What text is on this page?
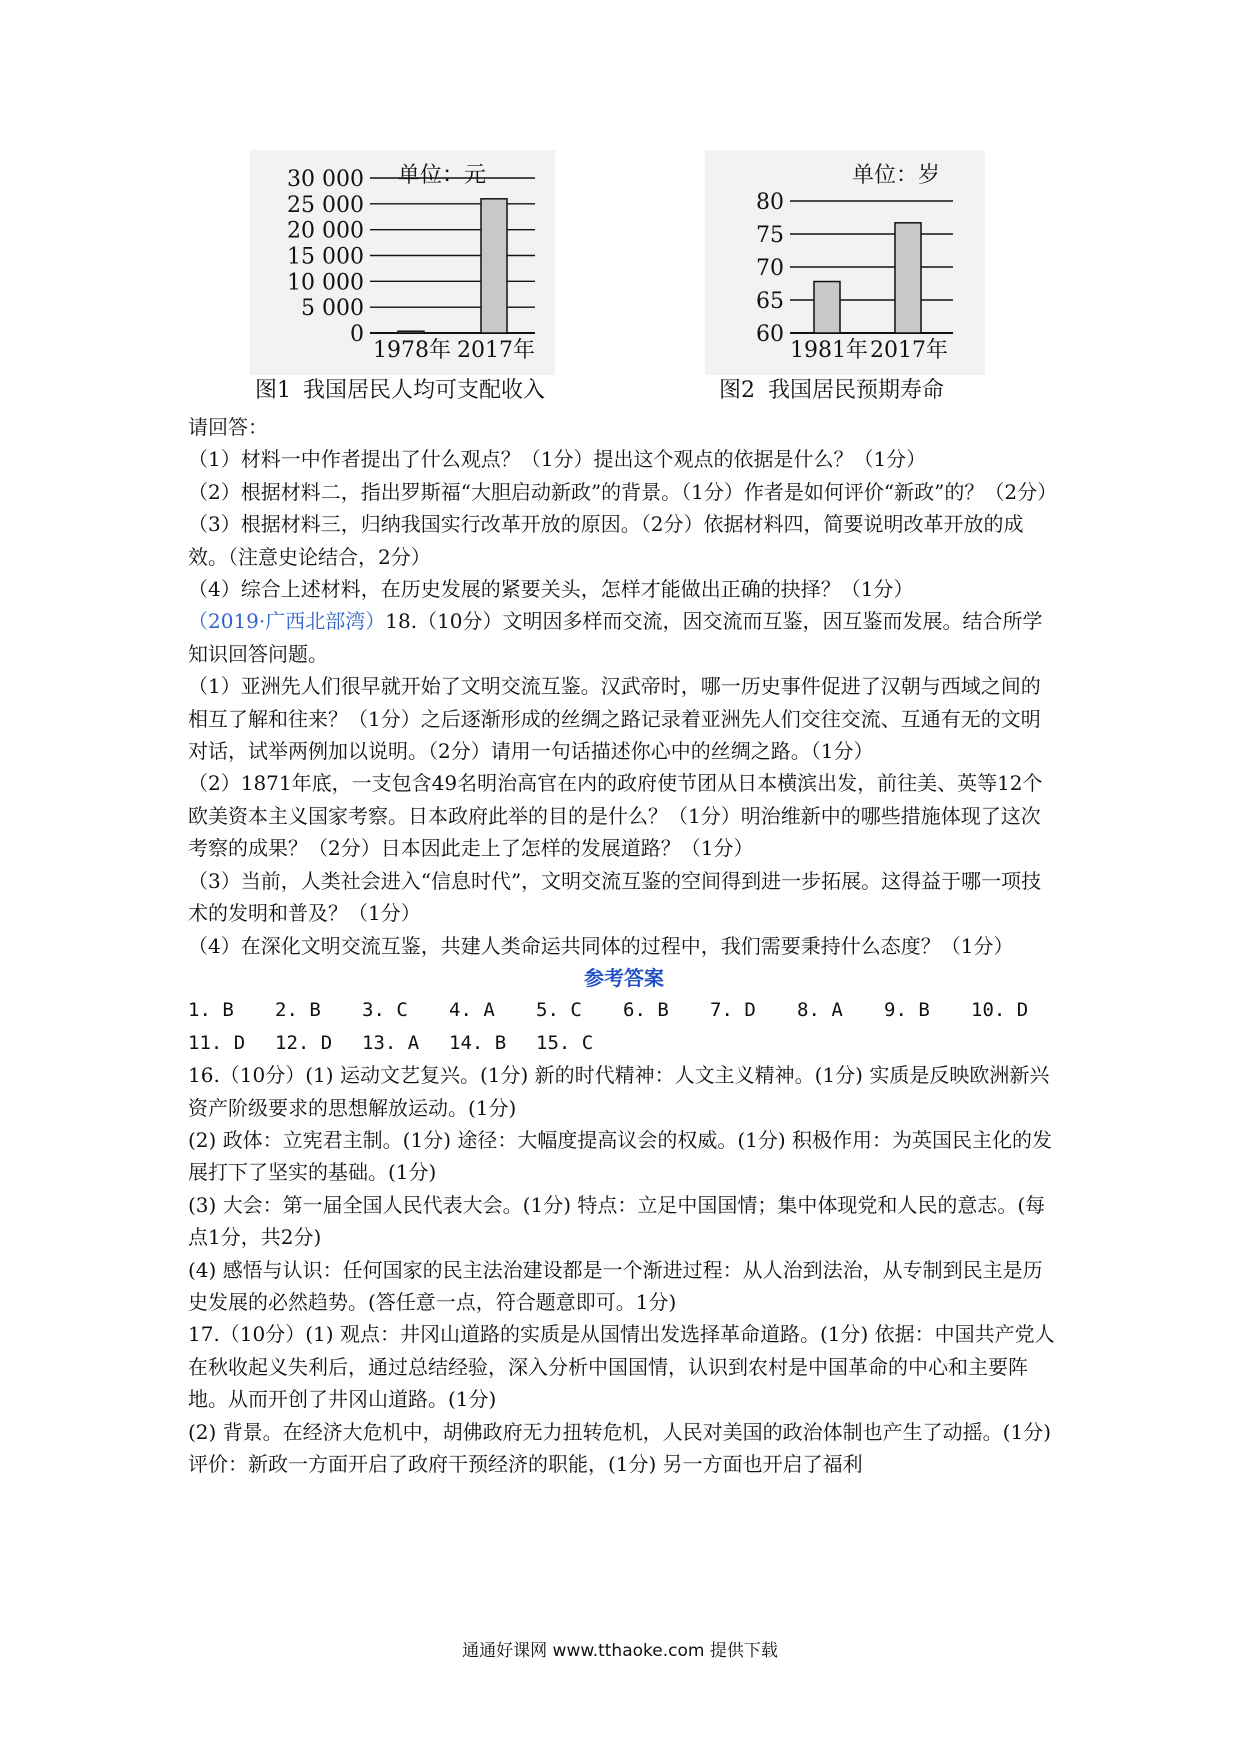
单位：元
0
5 000
10 000
15 000
20 000
25 000
30 000
1978年 2017年
图1 我国居民人均可支配收入
单位：岁
60
65
70
75
80
1981年 2017年
图2 我国居民预期寿命

请回答：

（1）材料一中作者提出了什么观点？（1分）提出这个观点的依据是什么？（1分）

（2）根据材料二，指出罗斯福“大胆启动新政”的背景。（1分）作者是如何评价“新政”的？（2分）

（3）根据材料三，归纳我国实行改革开放的原因。（2分）依据材料四，简要说明改革开放的成效。（注意史论结合，2分）

（4）综合上述材料，在历史发展的紧要关头，怎样才能做出正确的抉择？（1分）

（2019·广西北部湾）18.（10分）文明因多样而交流，因交流而互鉴，因互鉴而发展。结合所学知识回答问题。

（1）亚洲先人们很早就开始了文明交流互鉴。汉武帝时，哪一历史事件促进了汉朝与西域之间的相互了解和往来？（1分）之后逐渐形成的丝绸之路记录着亚洲先人们交往交流、互通有无的文明对话，试举两例加以说明。（2分）请用一句话描述你心中的丝绸之路。（1分）

（2）1871年底，一支包含49名明治高官在内的政府使节团从日本横滨出发，前往美、英等12个欧美资本主义国家考察。日本政府此举的目的是什么？（1分）明治维新中的哪些措施体现了这次考察的成果？（2分）日本因此走上了怎样的发展道路？（1分）

（3）当前，人类社会进入“信息时代”，文明交流互鉴的空间得到进一步拓展。这得益于哪一项技术的发明和普及？（1分）

（4）在深化文明交流互鉴，共建人类命运共同体的过程中，我们需要秉持什么态度？（1分）

参考答案

1. B	2. B	3. C	4. A	5. C	6. B	7. D	8. A	9. B	10. D
11. D	12. D	13. A	14. B	15. C

16.（10分）(1) 运动文艺复兴。(1分) 新的时代精神：人文主义精神。(1分) 实质是反映欧洲新兴资产阶级要求的思想解放运动。(1分)

(2) 政体：立宪君主制。(1分) 途径：大幅度提高议会的权威。(1分) 积极作用：为英国民主化的发展打下了坚实的基础。(1分)

(3) 大会：第一届全国人民代表大会。(1分) 特点：立足中国国情；集中体现党和人民的意志。(每点1分，共2分)

(4) 感悟与认识：任何国家的民主法治建设都是一个渐进过程：从人治到法治，从专制到民主是历史发展的必然趋势。(答任意一点，符合题意即可。1分)

17.（10分）(1) 观点：井冈山道路的实质是从国情出发选择革命道路。(1分) 依据：中国共产党人在秋收起义失利后，通过总结经验，深入分析中国国情，认识到农村是中国革命的中心和主要阵地。从而开创了井冈山道路。(1分)

(2) 背景。在经济大危机中，胡佛政府无力扭转危机，人民对美国的政治体制也产生了动摇。(1分) 评价：新政一方面开启了政府干预经济的职能，(1分) 另一方面也开启了福利

通通好课网 www.tthaoke.com 提供下载
